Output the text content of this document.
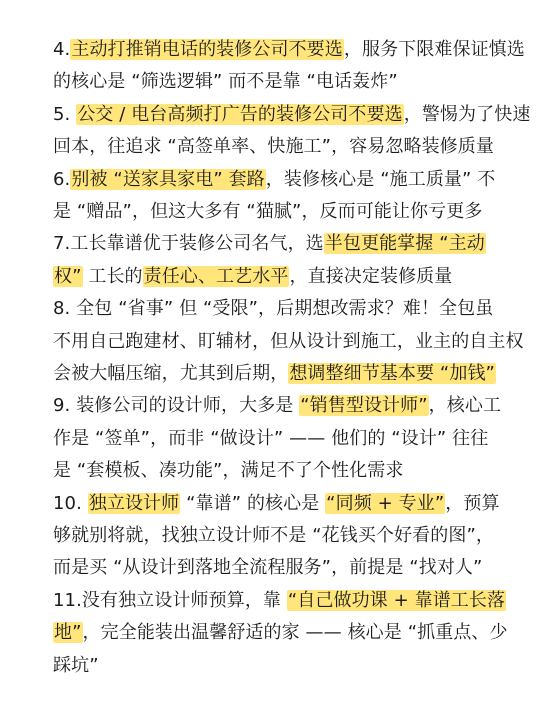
4.主动打推销电话的装修公司不要选，服务下限难保证慎选
的核心是 “筛选逻辑” 而不是靠 “电话轰炸”
5. 公交 / 电台高频打广告的装修公司不要选，警惕为了快速
回本，往追求 “高签单率、快施工”，容易忽略装修质量
6.别被 “送家具家电” 套路，装修核心是 “施工质量” 不
是 “赠品”，但这大多有 “猫腻”，反而可能让你亏更多
7.工长靠谱优于装修公司名气，选半包更能掌握 “主动
权” 工长的责任心、工艺水平，直接决定装修质量
8. 全包 “省事” 但 “受限”，后期想改需求？难！全包虽
不用自己跑建材、盯辅材，但从设计到施工，业主的自主权
会被大幅压缩，尤其到后期，想调整细节基本要 “加钱”
9. 装修公司的设计师，大多是 “销售型设计师”，核心工
作是 “签单”，而非 “做设计” —— 他们的 “设计” 往往
是 “套模板、凑功能”，满足不了个性化需求
10. 独立设计师 “靠谱” 的核心是 “同频 + 专业”，预算
够就别将就，找独立设计师不是 “花钱买个好看的图”，
而是买 “从设计到落地全流程服务”，前提是 “找对人”
11.没有独立设计师预算，靠 “自己做功课 + 靠谱工长落
地”，完全能装出温馨舒适的家 —— 核心是 “抓重点、少
踩坑”
